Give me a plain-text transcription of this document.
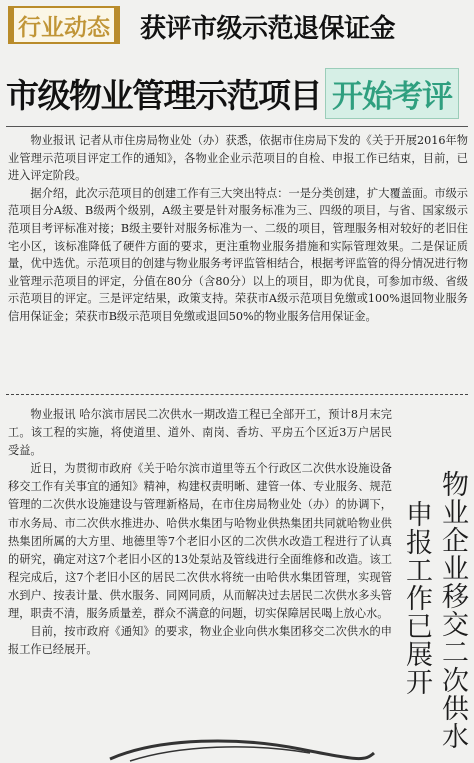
行业动态 获评市级示范退保证金
市级物业管理示范项目 开始考评

物业报讯 记者从市住房局物业处（办）获悉，依据市住房局下发的《关于开展2016年物业管理示范项目评定工作的通知》，各物业企业示范项目的自检、申报工作已结束，目前，已进入评定阶段。

据介绍，此次示范项目的创建工作有三大突出特点：一是分类创建，扩大覆盖面。市级示范项目分A级、B级两个级别，A级主要是针对服务标准为三、四级的项目，与省、国家级示范项目考评标准对接；B级主要针对服务标准为一、二级的项目，管理服务相对较好的老旧住宅小区，该标准降低了硬件方面的要求，更注重物业服务措施和实际管理效果。二是保证质量，优中选优。示范项目的创建与物业服务考评监管相结合，根据考评监管的得分情况进行物业管理示范项目的评定，分值在80分（含80分）以上的项目，即为优良，可参加市级、省级示范项目的评定。三是评定结果，政策支持。荣获市A级示范项目免缴或100%退回物业服务信用保证金；荣获市B级示范项目免缴或退回50%的物业服务信用保证金。

物业报讯 哈尔滨市居民二次供水一期改造工程已全部开工，预计8月末完工。该工程的实施，将使道里、道外、南岗、香坊、平房五个区近3万户居民受益。

近日，为贯彻市政府《关于哈尔滨市道里等五个行政区二次供水设施设备移交工作有关事宜的通知》精神，构建权责明晰、建管一体、专业服务、规范管理的二次供水设施建设与管理新格局，在市住房局物业处（办）的协调下，市水务局、市二次供水推进办、哈供水集团与哈物业供热集团共同就哈物业供热集团所属的大方里、地德里等7个老旧小区的二次供水改造工程进行了认真的研究，确定对这7个老旧小区的13处泵站及管线进行全面维修和改造。该工程完成后，这7个老旧小区的居民二次供水将统一由哈供水集团管理，实现管水到户、按表计量、供水服务、同网同质，从而解决过去居民二次供水多头管理，职责不清，服务质量差，群众不满意的问题，切实保障居民喝上放心水。

目前，按市政府《通知》的要求，物业企业向供水集团移交二次供水的申报工作已经展开。	物业企业移交二次供水
申报工作已展开
